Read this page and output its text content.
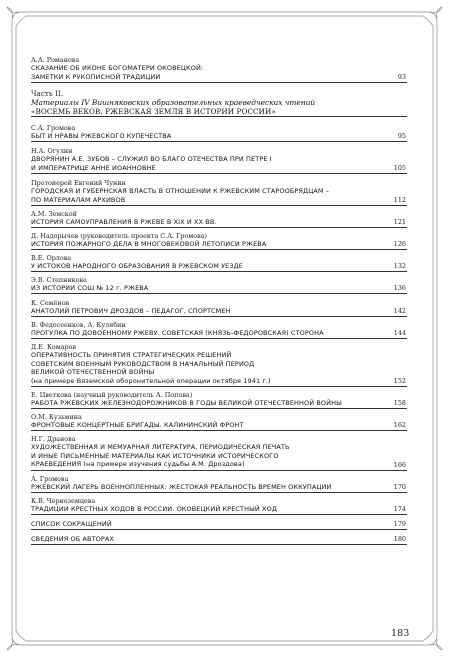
А.А. Романова
СКАЗАНИЕ ОБ ИКОНЕ БОГОМАТЕРИ ОКОВЕЦКОЙ:
ЗАМЕТКИ К РУКОПИСНОЙ ТРАДИЦИИ	93
Часть II.
Материалы IV Вишняковских образовательных краеведческих чтений
«ВОСЕМЬ ВЕКОВ. РЖЕВСКАЯ ЗЕМЛЯ В ИСТОРИИ РОССИИ»
С.А. Громова
БЫТ И НРАВЫ РЖЕВСКОГО КУПЕЧЕСТВА	95
Н.А. Огулин
ДВОРЯНИН А.Е. ЗУБОВ – СЛУЖИЛ ВО БЛАГО ОТЕЧЕСТВА ПРИ ПЕТРЕ I
И ИМПЕРАТРИЦЕ АННЕ ИОАННОВНЕ	105
Протоиерей Евгений Чунин
ГОРОДСКАЯ И ГУБЕРНСКАЯ ВЛАСТЬ В ОТНОШЕНИИ К РЖЕВСКИМ СТАРООБРЯДЦАМ –
ПО МАТЕРИАЛАМ АРХИВОВ	112
А.М. Земской
ИСТОРИЯ САМОУПРАВЛЕНИЯ В РЖЕВЕ В XIX И XX ВВ.	121
Д. Надорычев (руководитель проекта С.А. Громова)
ИСТОРИЯ ПОЖАРНОГО ДЕЛА В МНОГОВЕКОВОЙ ЛЕТОПИСИ РЖЕВА	126
В.Е. Орлова
У ИСТОКОВ НАРОДНОГО ОБРАЗОВАНИЯ В РЖЕВСКОМ УЕЗДЕ	132
Э.В. Степникова
ИЗ ИСТОРИИ СОШ № 12 г. РЖЕВА	136
К. Семёнов
АНАТОЛИЙ ПЕТРОВИЧ ДРОЗДОВ – ПЕДАГОГ, СПОРТСМЕН	142
В. Федосеенков, А. Кулябин
ПРОГУЛКА ПО ДОВОЕННОМУ РЖЕВУ. СОВЕТСКАЯ (КНЯЗЬ-ФЕДОРОВСКАЯ) СТОРОНА	144
Д.Е. Комаров
ОПЕРАТИВНОСТЬ ПРИНЯТИЯ СТРАТЕГИЧЕСКИХ РЕШЕНИЙ
СОВЕТСКИМ ВОЕННЫМ РУКОВОДСТВОМ В НАЧАЛЬНЫЙ ПЕРИОД
ВЕЛИКОЙ ОТЕЧЕСТВЕННОЙ ВОЙНЫ
(на примере Вяземской оборонительной операции октября 1941 г.)	152
Е. Цветкова (научный руководитель А. Попова)
РАБОТА РЖЕВСКИХ ЖЕЛЕЗНОДОРОЖНИКОВ В ГОДЫ ВЕЛИКОЙ ОТЕЧЕСТВЕННОЙ ВОЙНЫ	158
О.М. Кузьмина
ФРОНТОВЫЕ КОНЦЕРТНЫЕ БРИГАДЫ. КАЛИНИНСКИЙ ФРОНТ	162
Н.Г. Дранова
ХУДОЖЕСТВЕННАЯ И МЕМУАРНАЯ ЛИТЕРАТУРА, ПЕРИОДИЧЕСКАЯ ПЕЧАТЬ
И ИНЫЕ ПИСЬМЕННЫЕ МАТЕРИАЛЫ КАК ИСТОЧНИКИ ИСТОРИЧЕСКОГО
КРАЕВЕДЕНИЯ (на примере изучения судьбы А.М. Дроздова)	166
А. Громова
РЖЕВСКИЙ ЛАГЕРЬ ВОЕННОПЛЕННЫХ: ЖЕСТОКАЯ РЕАЛЬНОСТЬ ВРЕМЕН ОККУПАЦИИ	170
К.В. Черноземцева
ТРАДИЦИИ КРЕСТНЫХ ХОДОВ В РОССИИ. ОКОВЕЦКИЙ КРЕСТНЫЙ ХОД	174
СПИСОК СОКРАЩЕНИЙ	179
СВЕДЕНИЯ ОБ АВТОРАХ	180
183
